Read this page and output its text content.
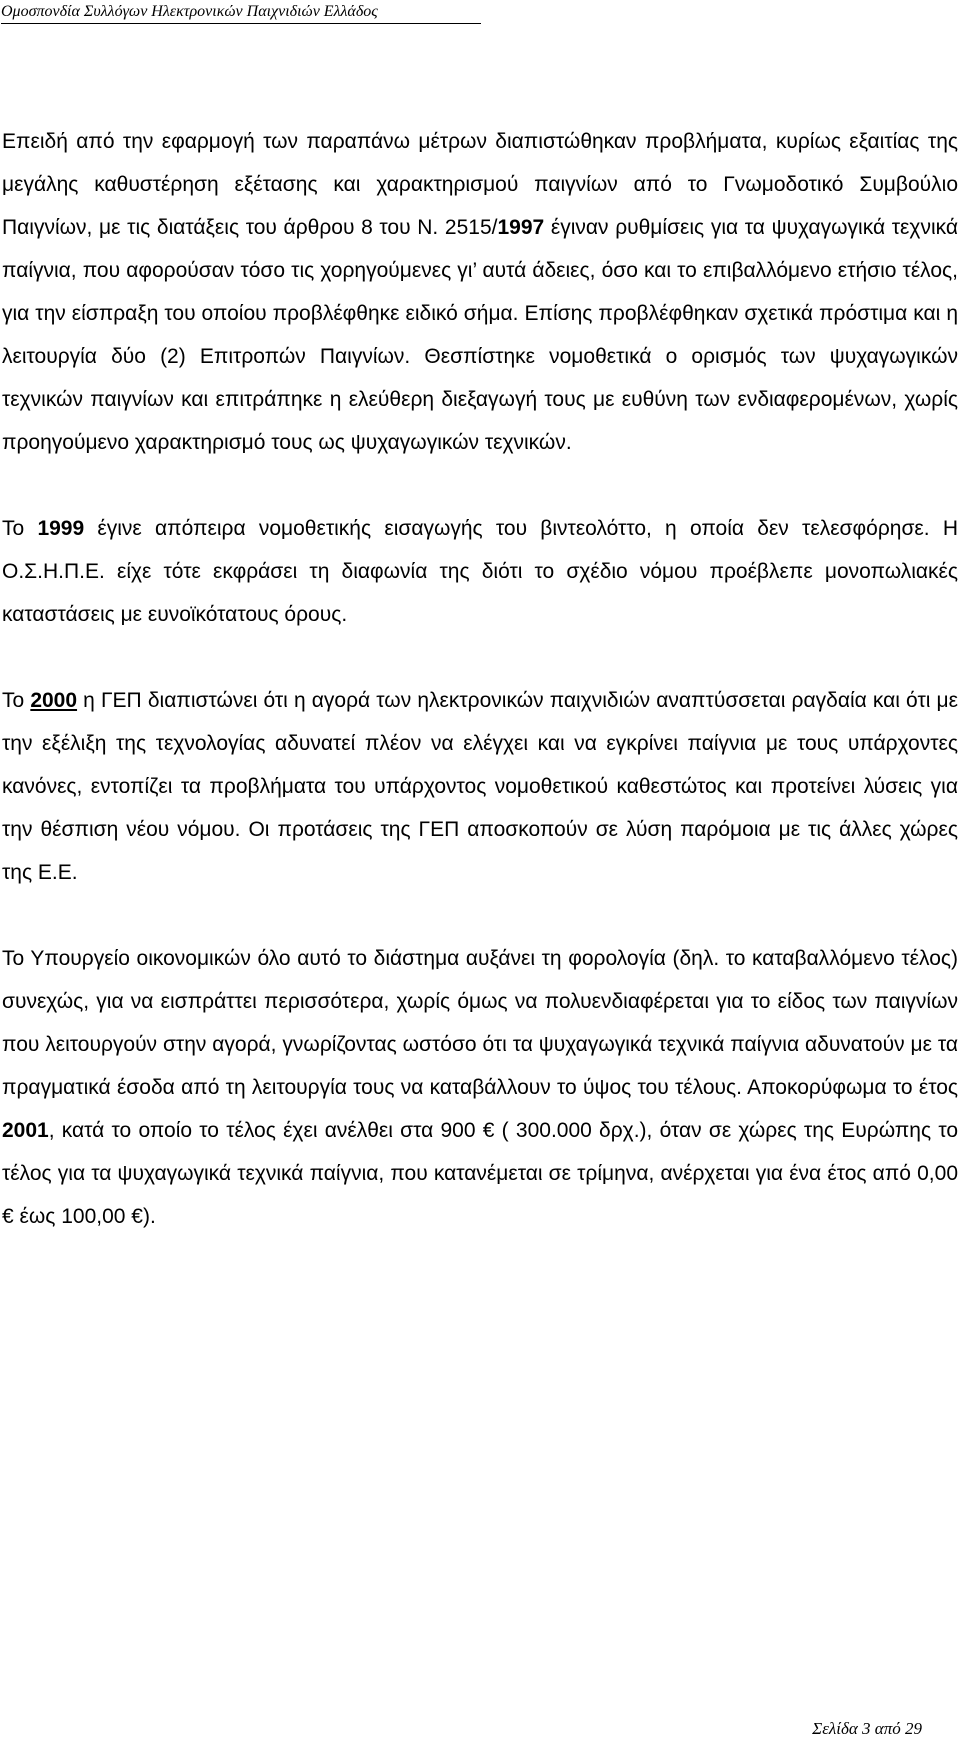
Ομοσπονδία Συλλόγων Ηλεκτρονικών Παιχνιδιών Ελλάδος

Επειδή από την εφαρμογή των παραπάνω μέτρων διαπιστώθηκαν προβλήματα, κυρίως εξαιτίας της μεγάλης καθυστέρηση εξέτασης και χαρακτηρισμού παιγνίων από το Γνωμοδοτικό Συμβούλιο Παιγνίων, με τις διατάξεις του άρθρου 8 του Ν. 2515/1997 έγιναν ρυθμίσεις για τα ψυχαγωγικά τεχνικά παίγνια, που αφορούσαν τόσο τις χορηγούμενες γι’ αυτά άδειες, όσο και το επιβαλλόμενο ετήσιο τέλος, για την είσπραξη του οποίου προβλέφθηκε ειδικό σήμα. Επίσης προβλέφθηκαν σχετικά πρόστιμα και η λειτουργία δύο (2) Επιτροπών Παιγνίων. Θεσπίστηκε νομοθετικά ο ορισμός των ψυχαγωγικών τεχνικών παιγνίων και επιτράπηκε η ελεύθερη διεξαγωγή τους με ευθύνη των ενδιαφερομένων, χωρίς προηγούμενο χαρακτηρισμό τους ως ψυχαγωγικών τεχνικών.

Το 1999 έγινε απόπειρα νομοθετικής εισαγωγής του βιντεολόττο, η οποία δεν τελεσφόρησε. Η Ο.Σ.Η.Π.Ε. είχε τότε εκφράσει τη διαφωνία της διότι το σχέδιο νόμου προέβλεπε μονοπωλιακές καταστάσεις με ευνοϊκότατους όρους.

Το 2000 η ΓΕΠ διαπιστώνει ότι η αγορά των ηλεκτρονικών παιχνιδιών αναπτύσσεται ραγδαία και ότι με την εξέλιξη της τεχνολογίας αδυνατεί πλέον να ελέγχει και να εγκρίνει παίγνια με τους υπάρχοντες κανόνες, εντοπίζει τα προβλήματα του υπάρχοντος νομοθετικού καθεστώτος και προτείνει λύσεις για την θέσπιση νέου νόμου. Οι προτάσεις της ΓΕΠ αποσκοπούν σε λύση παρόμοια με τις άλλες χώρες της Ε.Ε.

Το Υπουργείο οικονομικών όλο αυτό το διάστημα αυξάνει τη φορολογία (δηλ. το καταβαλλόμενο τέλος) συνεχώς, για να εισπράττει περισσότερα, χωρίς όμως να πολυενδιαφέρεται για το είδος των παιγνίων που λειτουργούν στην αγορά, γνωρίζοντας ωστόσο ότι τα ψυχαγωγικά τεχνικά παίγνια αδυνατούν με τα πραγματικά έσοδα από τη λειτουργία τους να καταβάλλουν το ύψος του τέλους. Αποκορύφωμα το έτος 2001, κατά το οποίο το τέλος έχει ανέλθει στα 900 € ( 300.000 δρχ.), όταν σε χώρες της Ευρώπης το τέλος για τα ψυχαγωγικά τεχνικά παίγνια, που κατανέμεται σε τρίμηνα, ανέρχεται για ένα έτος από 0,00 € έως 100,00 €).

Σελίδα 3 από 29
